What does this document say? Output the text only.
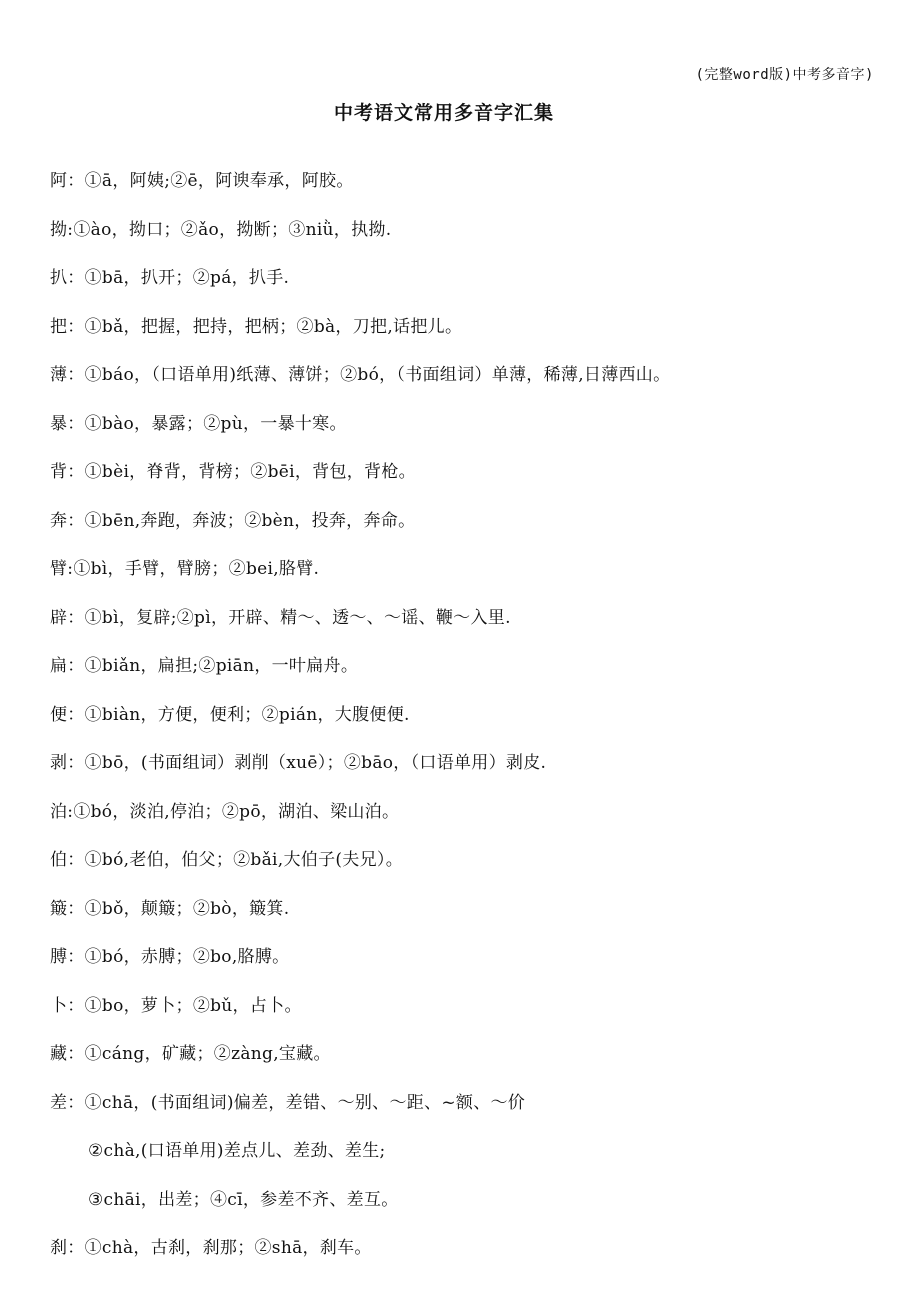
(完整word版)中考多音字)
中考语文常用多音字汇集
阿：①ā，阿姨;②ē，阿谀奉承，阿胶。
拗:①ào，拗口；②ǎo，拗断；③niǜ，执拗.
扒：①bā，扒开；②pá，扒手.
把：①bǎ，把握，把持，把柄；②bà，刀把,话把儿。
薄：①báo，（口语单用)纸薄、薄饼；②bó，（书面组词）单薄，稀薄,日薄西山。
暴：①bào，暴露；②pù，一暴十寒。
背：①bèi，脊背，背榜；②bēi，背包，背枪。
奔：①bēn,奔跑，奔波；②bèn，投奔，奔命。
臂:①bì，手臂，臂膀；②bei,胳臂.
辟：①bì，复辟;②pì，开辟、精～、透～、～谣、鞭～入里.
扁：①biǎn，扁担;②piān，一叶扁舟。
便：①biàn，方便，便利；②pián，大腹便便.
剥：①bō，(书面组词）剥削（xuē）；②bāo，（口语单用）剥皮.
泊:①bó，淡泊,停泊；②pō，湖泊、梁山泊。
伯：①bó,老伯，伯父；②bǎi,大伯子(夫兄）。
簸：①bǒ，颠簸；②bò，簸箕.
膊：①bó，赤膊；②bo,胳膊。
卜：①bo，萝卜；②bǔ，占卜。
藏：①cáng，矿藏；②zàng,宝藏。
差：①chā，(书面组词)偏差，差错、～别、～距、~额、～价
②chà,(口语单用)差点儿、差劲、差生;
③chāi，出差；④cī，参差不齐、差互。
刹：①chà，古刹，刹那；②shā，刹车。
